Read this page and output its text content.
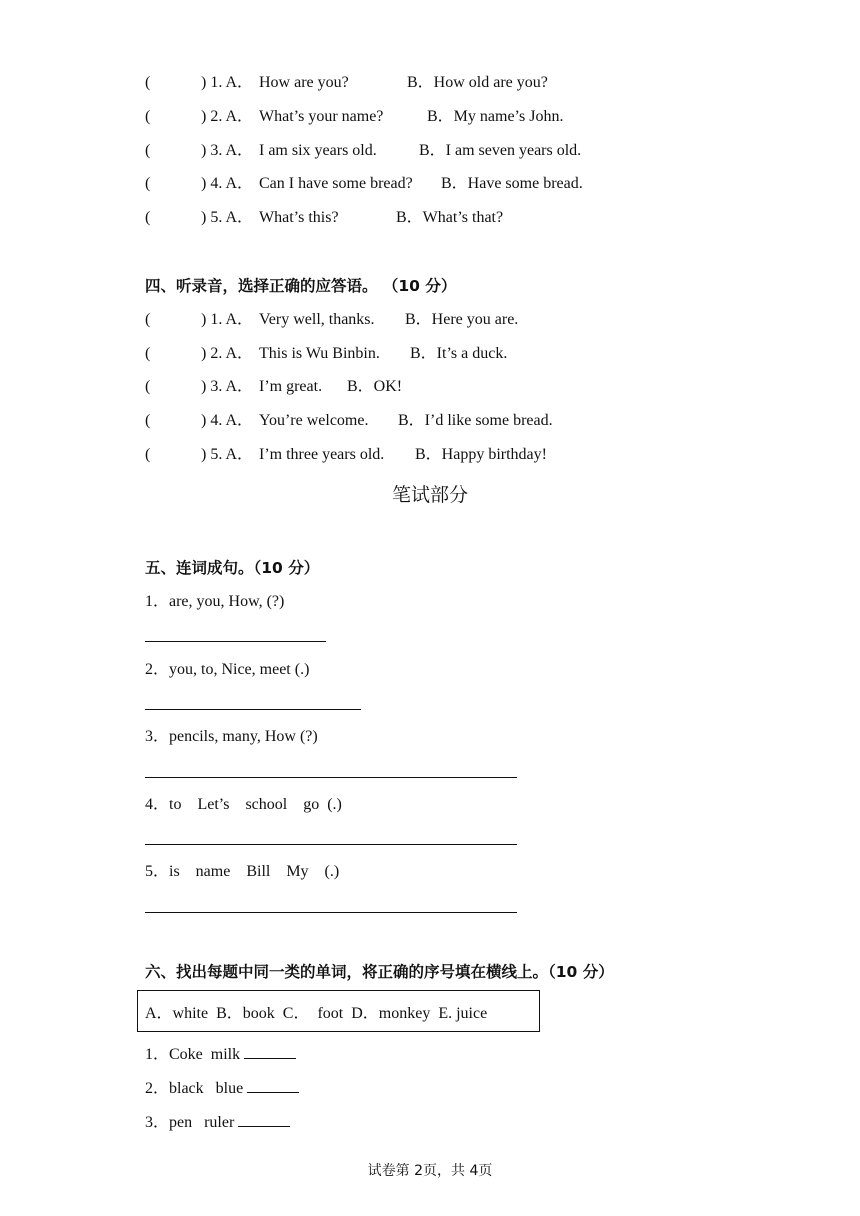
(	) 1. A． How are you?	B．How old are you?
(	) 2. A． What’s your name?	B．My name’s John.
(	) 3. A． I am six years old.	B．I am seven years old.
(	) 4. A． Can I have some bread? B．Have some bread.
(	) 5. A． What’s this?	B．What’s that?
四、听录音，选择正确的应答语。 （10 分）
(	) 1. A． Very well, thanks. B．Here you are.
(	) 2. A． This is Wu Binbin. B．It’s a duck.
(	) 3. A． I’m great. B．OK!
(	) 4. A． You’re welcome. B．I’d like some bread.
(	) 5. A． I’m three years old. B．Happy birthday!
笔试部分
五、连词成句。（10 分）
1．are, you, How, (?)
2．you, to, Nice, meet (.)
3．pencils, many, How (?)
4．to    Let’s    school    go  (.)
5．is    name    Bill    My    (.)
六、找出每题中同一类的单词，将正确的序号填在横线上。（10 分）
A．white  B．book  C．  foot  D．monkey  E. juice
1．Coke  milk
2．black   blue
3．pen   ruler
试卷第 2页，共 4页
